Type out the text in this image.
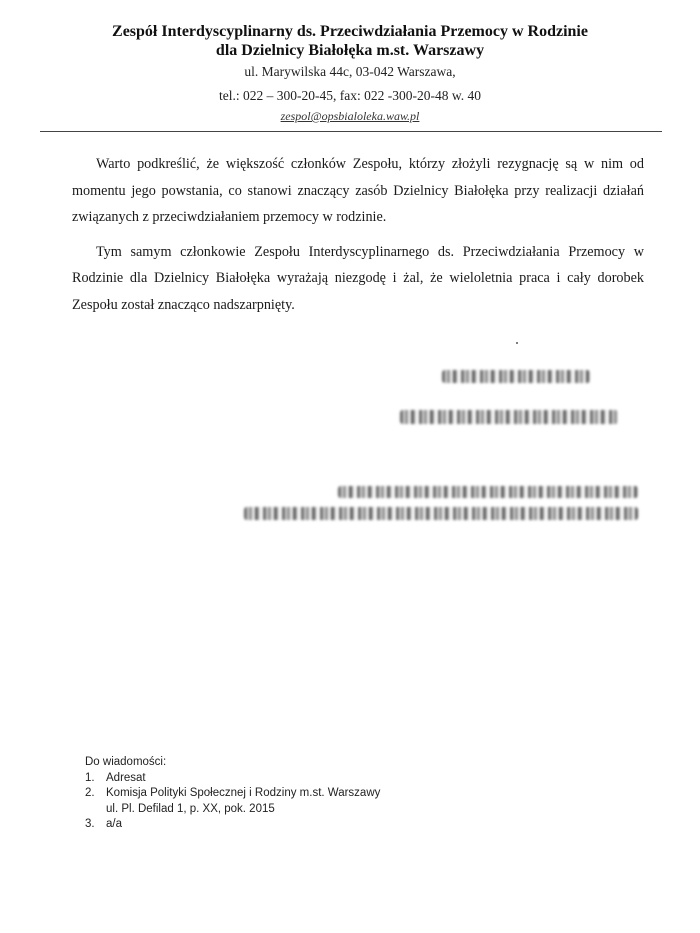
Zespół Interdyscyplinarny ds. Przeciwdziałania Przemocy w Rodzinie
dla Dzielnicy Białołęka m.st. Warszawy
ul. Marywilska 44c, 03-042 Warszawa,
tel.: 022 – 300-20-45, fax: 022 -300-20-48 w. 40
zespol@opsbialoleka.waw.pl

Warto podkreślić, że większość członków Zespołu, którzy złożyli rezygnację są w nim od momentu jego powstania, co stanowi znaczący zasób Dzielnicy Białołęka przy realizacji działań związanych z przeciwdziałaniem przemocy w rodzinie.

Tym samym członkowie Zespołu Interdyscyplinarnego ds. Przeciwdziałania Przemocy w Rodzinie dla Dzielnicy Białołęka wyrażają niezgodę i żal, że wieloletnia praca i cały dorobek Zespołu został znacząco nadszarpnięty.

Do wiadomości:
1. Adresat
2. Komisja Polityki Społecznej i Rodziny m.st. Warszawy
ul. Pl. Defilad 1, p. XX, pok. 2015
3. a/a
